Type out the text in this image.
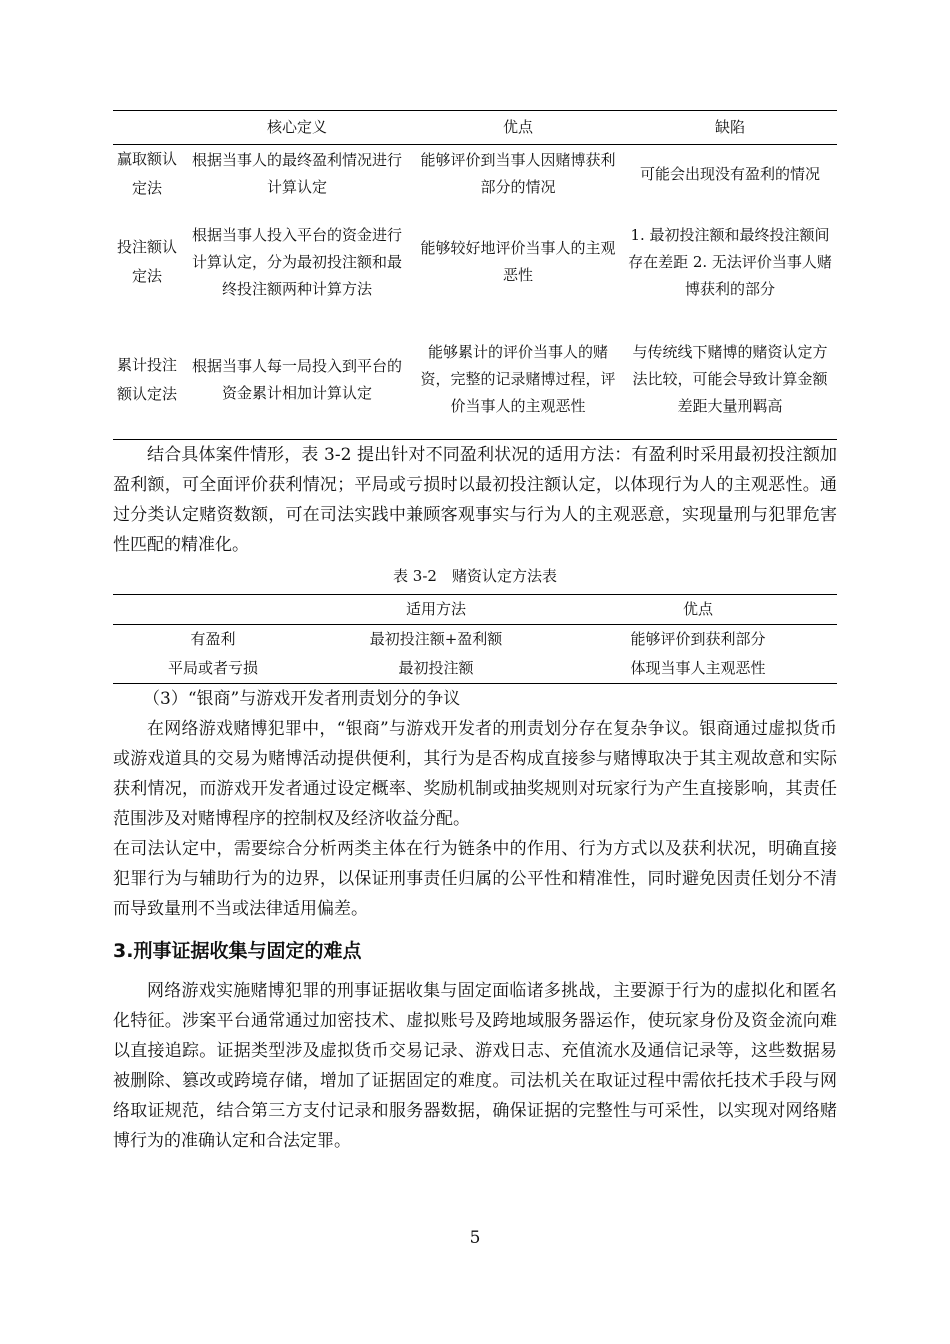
	核心定义	优点	缺陷
赢取额认定法	根据当事人的最终盈利情况进行计算认定	能够评价到当事人因赌博获利部分的情况	可能会出现没有盈利的情况
投注额认定法	根据当事人投入平台的资金进行计算认定，分为最初投注额和最终投注额两种计算方法	能够较好地评价当事人的主观恶性	1. 最初投注额和最终投注额间存在差距 2. 无法评价当事人赌博获利的部分
累计投注额认定法	根据当事人每一局投入到平台的资金累计相加计算认定	能够累计的评价当事人的赌资，完整的记录赌博过程，评价当事人的主观恶性	与传统线下赌博的赌资认定方法比较，可能会导致计算金额差距大量刑羁高

结合具体案件情形，表 3-2 提出针对不同盈利状况的适用方法：有盈利时采用最初投注额加盈利额，可全面评价获利情况；平局或亏损时以最初投注额认定，以体现行为人的主观恶性。通过分类认定赌资数额，可在司法实践中兼顾客观事实与行为人的主观恶意，实现量刑与犯罪危害性匹配的精准化。

表 3-2　赌资认定方法表
	适用方法	优点
有盈利	最初投注额+盈利额	能够评价到获利部分
平局或者亏损	最初投注额	体现当事人主观恶性

（3）“银商”与游戏开发者刑责划分的争议

在网络游戏赌博犯罪中，“银商”与游戏开发者的刑责划分存在复杂争议。银商通过虚拟货币或游戏道具的交易为赌博活动提供便利，其行为是否构成直接参与赌博取决于其主观故意和实际获利情况，而游戏开发者通过设定概率、奖励机制或抽奖规则对玩家行为产生直接影响，其责任范围涉及对赌博程序的控制权及经济收益分配。

在司法认定中，需要综合分析两类主体在行为链条中的作用、行为方式以及获利状况，明确直接犯罪行为与辅助行为的边界，以保证刑事责任归属的公平性和精准性，同时避免因责任划分不清而导致量刑不当或法律适用偏差。

3.刑事证据收集与固定的难点

网络游戏实施赌博犯罪的刑事证据收集与固定面临诸多挑战，主要源于行为的虚拟化和匿名化特征。涉案平台通常通过加密技术、虚拟账号及跨地域服务器运作，使玩家身份及资金流向难以直接追踪。证据类型涉及虚拟货币交易记录、游戏日志、充值流水及通信记录等，这些数据易被删除、篡改或跨境存储，增加了证据固定的难度。司法机关在取证过程中需依托技术手段与网络取证规范，结合第三方支付记录和服务器数据，确保证据的完整性与可采性，以实现对网络赌博行为的准确认定和合法定罪。

5
